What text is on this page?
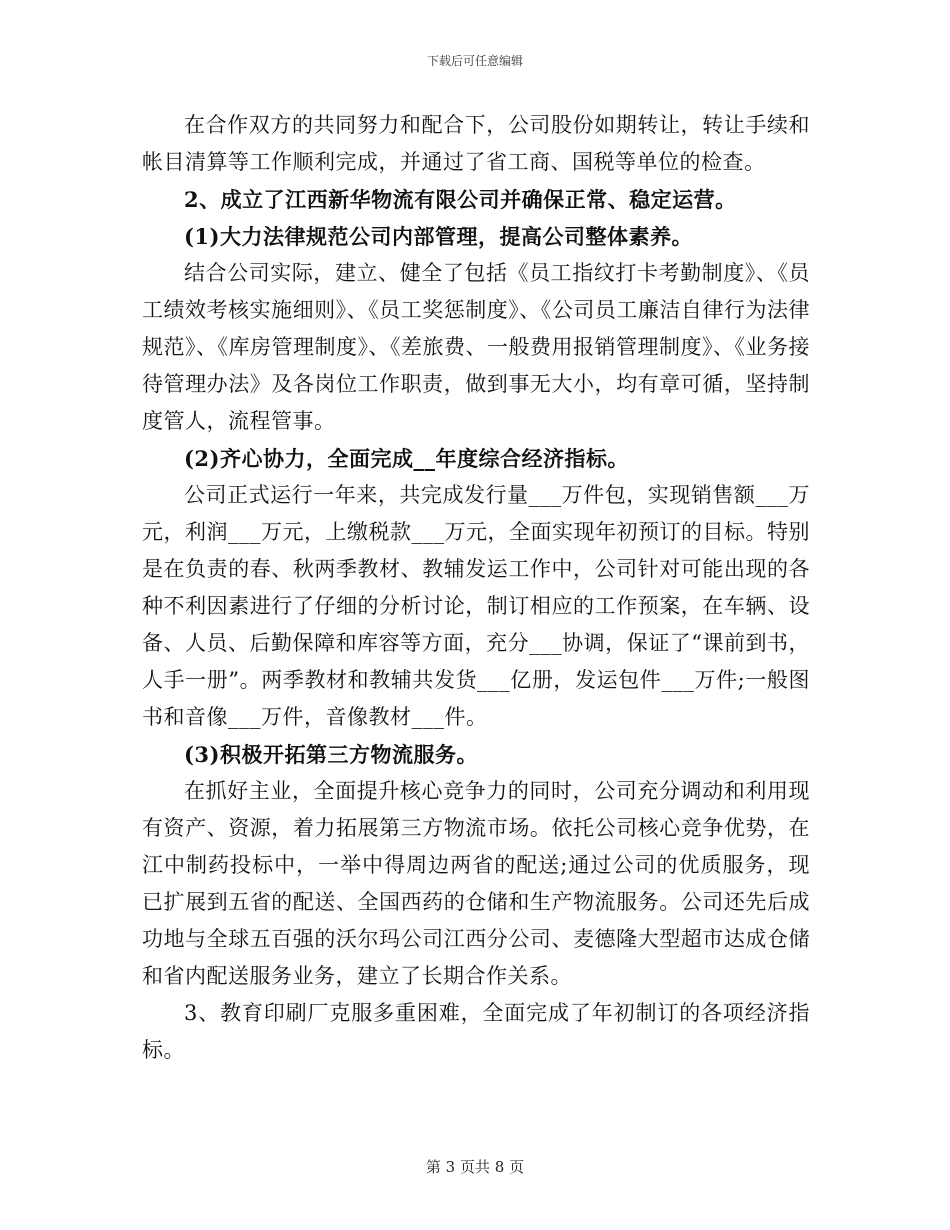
下载后可任意编辑

在合作双方的共同努力和配合下，公司股份如期转让，转让手续和帐目清算等工作顺利完成，并通过了省工商、国税等单位的检查。

2、成立了江西新华物流有限公司并确保正常、稳定运营。

(1)大力法律规范公司内部管理，提高公司整体素养。

结合公司实际，建立、健全了包括《员工指纹打卡考勤制度》、《员工绩效考核实施细则》、《员工奖惩制度》、《公司员工廉洁自律行为法律规范》、《库房管理制度》、《差旅费、一般费用报销管理制度》、《业务接待管理办法》及各岗位工作职责，做到事无大小，均有章可循，坚持制度管人，流程管事。

(2)齐心协力，全面完成__年度综合经济指标。

公司正式运行一年来，共完成发行量___万件包，实现销售额___万元，利润___万元，上缴税款___万元，全面实现年初预订的目标。特别是在负责的春、秋两季教材、教辅发运工作中，公司针对可能出现的各种不利因素进行了仔细的分析讨论，制订相应的工作预案，在车辆、设备、人员、后勤保障和库容等方面，充分___协调，保证了“课前到书，人手一册”。两季教材和教辅共发货___亿册，发运包件___万件;一般图书和音像___万件，音像教材___件。

(3)积极开拓第三方物流服务。

在抓好主业，全面提升核心竞争力的同时，公司充分调动和利用现有资产、资源，着力拓展第三方物流市场。依托公司核心竞争优势，在江中制药投标中，一举中得周边两省的配送;通过公司的优质服务，现已扩展到五省的配送、全国西药的仓储和生产物流服务。公司还先后成功地与全球五百强的沃尔玛公司江西分公司、麦德隆大型超市达成仓储和省内配送服务业务，建立了长期合作关系。

3、教育印刷厂克服多重困难，全面完成了年初制订的各项经济指标。

第 3 页共 8 页
